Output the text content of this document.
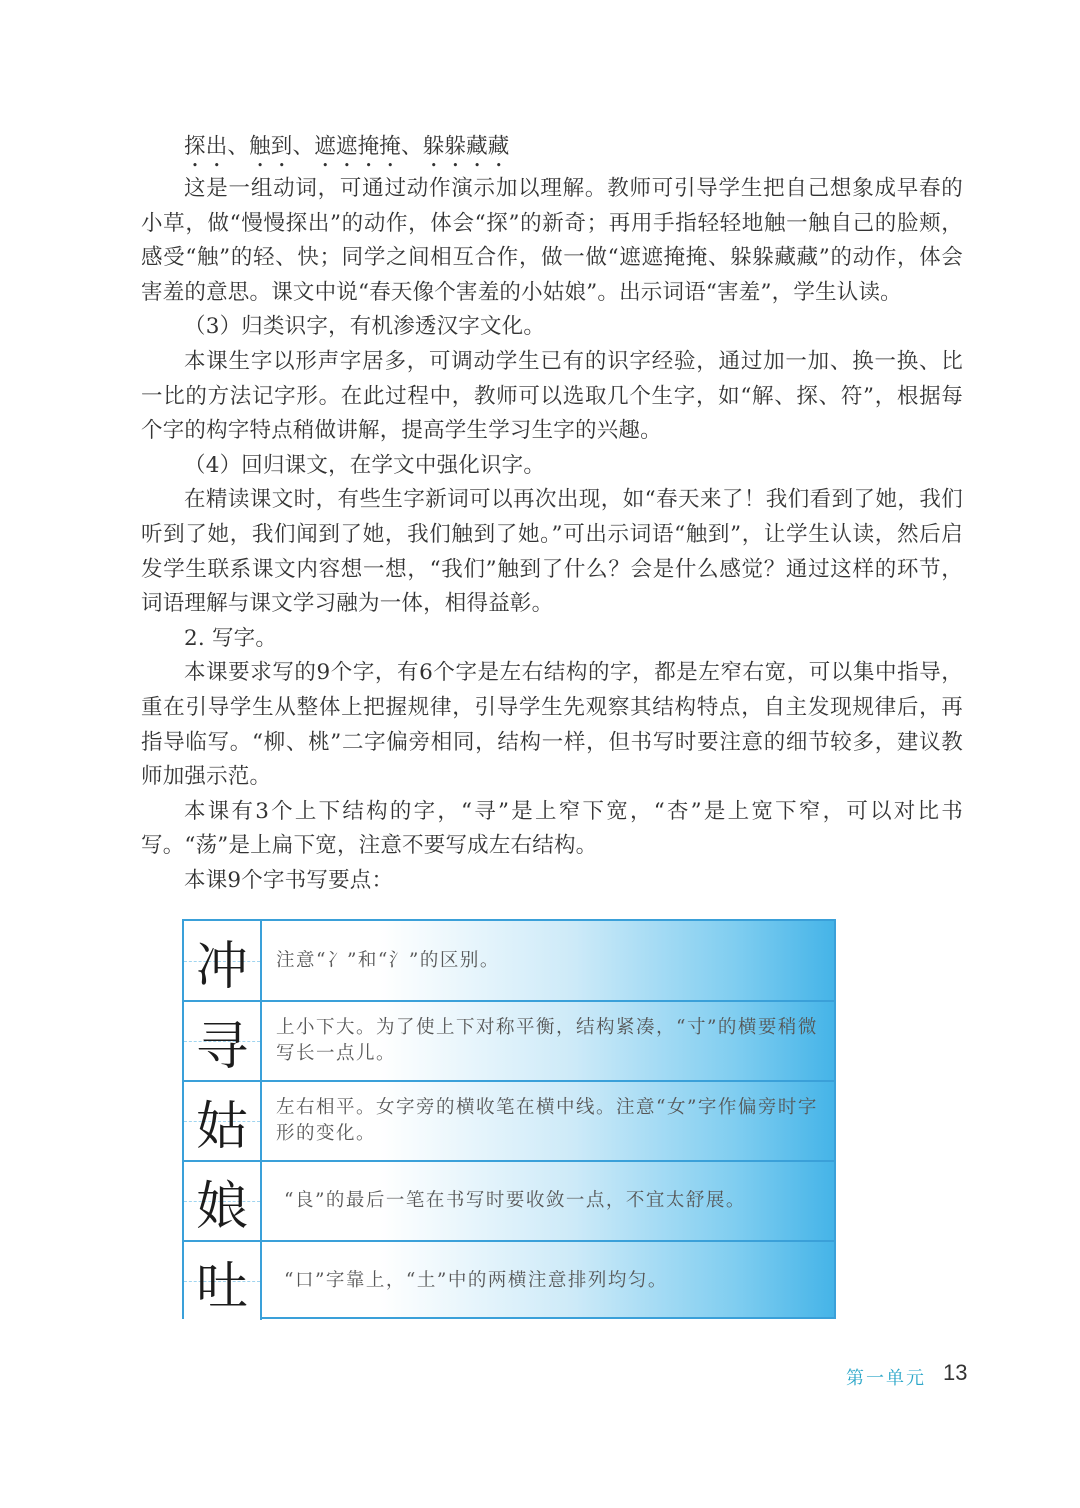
探出、触到、遮遮掩掩、躲躲藏藏

这是一组动词，可通过动作演示加以理解。教师可引导学生把自己想象成早春的小草，做“慢慢探出”的动作，体会“探”的新奇；再用手指轻轻地触一触自己的脸颊，感受“触”的轻、快；同学之间相互合作，做一做“遮遮掩掩、躲躲藏藏”的动作，体会害羞的意思。课文中说“春天像个害羞的小姑娘”。出示词语“害羞”，学生认读。

（3）归类识字，有机渗透汉字文化。

本课生字以形声字居多，可调动学生已有的识字经验，通过加一加、换一换、比一比的方法记字形。在此过程中，教师可以选取几个生字，如“解、探、符”，根据每个字的构字特点稍做讲解，提高学生学习生字的兴趣。

（4）回归课文，在学文中强化识字。

在精读课文时，有些生字新词可以再次出现，如“春天来了！我们看到了她，我们听到了她，我们闻到了她，我们触到了她。”可出示词语“触到”，让学生认读，然后启发学生联系课文内容想一想，“我们”触到了什么？会是什么感觉？通过这样的环节，词语理解与课文学习融为一体，相得益彰。

2. 写字。

本课要求写的9个字，有6个字是左右结构的字，都是左窄右宽，可以集中指导，重在引导学生从整体上把握规律，引导学生先观察其结构特点，自主发现规律后，再指导临写。“柳、桃”二字偏旁相同，结构一样，但书写时要注意的细节较多，建议教师加强示范。

本课有3个上下结构的字，“寻”是上窄下宽，“杏”是上宽下窄，可以对比书写。“荡”是上扁下宽，注意不要写成左右结构。

本课9个字书写要点：

冲 注意“冫”和“氵”的区别。
寻 上小下大。为了使上下对称平衡，结构紧凑，“寸”的横要稍微写长一点儿。
姑 左右相平。女字旁的横收笔在横中线。注意“女”字作偏旁时字形的变化。
娘	“良”的最后一笔在书写时要收敛一点，不宜太舒展。
吐	“口”字靠上，“土”中的两横注意排列均匀。
第一单元 13
